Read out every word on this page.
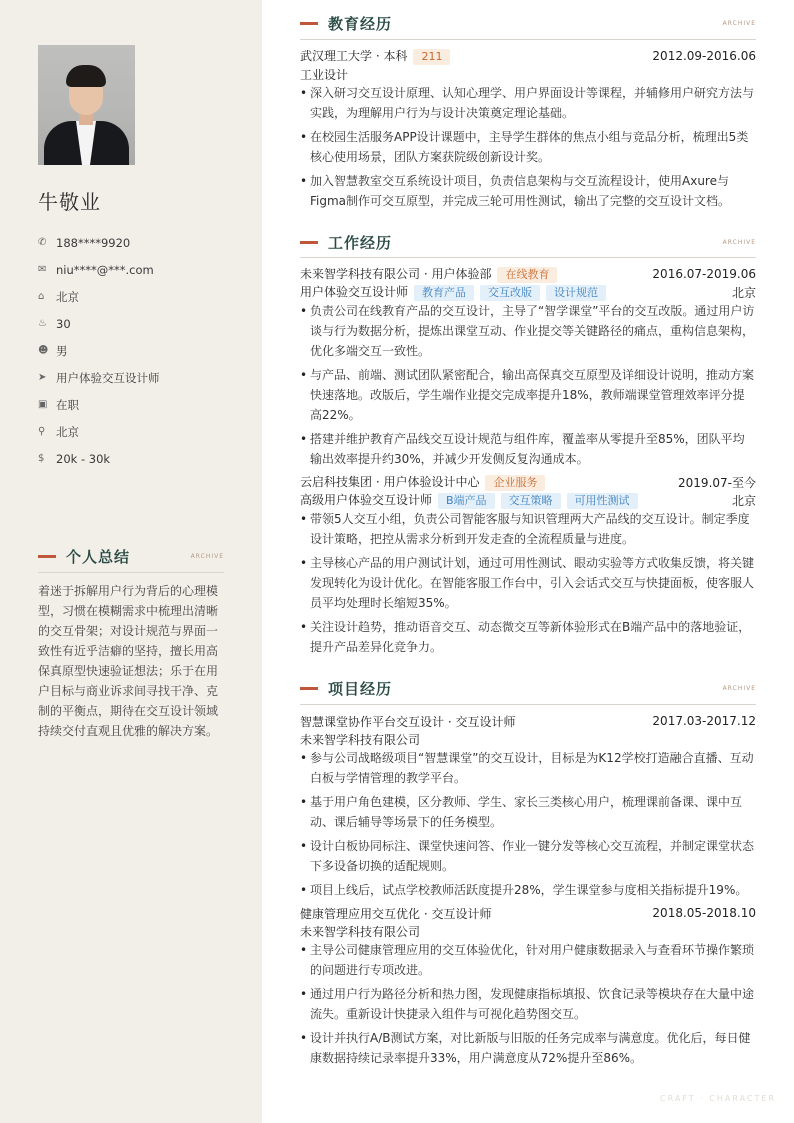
牛敬业
✆ 188****9920
✉ niu****@***.com
⌂	北京
♨ 30
☻ 男
➤ 用户体验交互设计师
▣ 在职
⚲ 北京
$	20k - 30k
个人总结	ARCHIVE
着迷于拆解用户行为背后的心理模型，习惯在模糊需求中梳理出清晰的交互骨架；对设计规范与界面一致性有近乎洁癖的坚持，擅长用高保真原型快速验证想法；乐于在用户目标与商业诉求间寻找干净、克制的平衡点，期待在交互设计领域持续交付直观且优雅的解决方案。
教育经历	ARCHIVE
武汉理工大学 · 本科 211	2012.09-2016.06
工业设计
• 深入研习交互设计原理、认知心理学、用户界面设计等课程，并辅修用户研究方法与实践，为理解用户行为与设计决策奠定理论基础。
• 在校园生活服务APP设计课题中，主导学生群体的焦点小组与竞品分析，梳理出5类核心使用场景，团队方案获院级创新设计奖。
• 加入智慧教室交互系统设计项目，负责信息架构与交互流程设计，使用Axure与Figma制作可交互原型，并完成三轮可用性测试，输出了完整的交互设计文档。
工作经历	ARCHIVE
未来智学科技有限公司 · 用户体验部 在线教育	2016.07-2019.06
用户体验交互设计师 教育产品 交互改版 设计规范	北京
• 负责公司在线教育产品的交互设计，主导了“智学课堂”平台的交互改版。通过用户访谈与行为数据分析，提炼出课堂互动、作业提交等关键路径的痛点，重构信息架构，优化多端交互一致性。
• 与产品、前端、测试团队紧密配合，输出高保真交互原型及详细设计说明，推动方案快速落地。改版后，学生端作业提交完成率提升18%，教师端课堂管理效率评分提高22%。
• 搭建并维护教育产品线交互设计规范与组件库，覆盖率从零提升至85%，团队平均输出效率提升约30%，并减少开发侧反复沟通成本。
云启科技集团 · 用户体验设计中心 企业服务	2019.07-至今
高级用户体验交互设计师 B端产品 交互策略 可用性测试	北京
• 带领5人交互小组，负责公司智能客服与知识管理两大产品线的交互设计。制定季度设计策略，把控从需求分析到开发走查的全流程质量与进度。
• 主导核心产品的用户测试计划，通过可用性测试、眼动实验等方式收集反馈，将关键发现转化为设计优化。在智能客服工作台中，引入会话式交互与快捷面板，使客服人员平均处理时长缩短35%。
• 关注设计趋势，推动语音交互、动态微交互等新体验形式在B端产品中的落地验证，提升产品差异化竞争力。
项目经历	ARCHIVE
智慧课堂协作平台交互设计 · 交互设计师	2017.03-2017.12
未来智学科技有限公司
• 参与公司战略级项目“智慧课堂”的交互设计，目标是为K12学校打造融合直播、互动白板与学情管理的教学平台。
• 基于用户角色建模，区分教师、学生、家长三类核心用户，梳理课前备课、课中互动、课后辅导等场景下的任务模型。
• 设计白板协同标注、课堂快速问答、作业一键分发等核心交互流程，并制定课堂状态下多设备切换的适配规则。
• 项目上线后，试点学校教师活跃度提升28%，学生课堂参与度相关指标提升19%。
健康管理应用交互优化 · 交互设计师	2018.05-2018.10
未来智学科技有限公司
• 主导公司健康管理应用的交互体验优化，针对用户健康数据录入与查看环节操作繁琐的问题进行专项改进。
• 通过用户行为路径分析和热力图，发现健康指标填报、饮食记录等模块存在大量中途流失。重新设计快捷录入组件与可视化趋势图交互。
• 设计并执行A/B测试方案，对比新版与旧版的任务完成率与满意度。优化后，每日健康数据持续记录率提升33%，用户满意度从72%提升至86%。
CRAFT · CHARACTER
